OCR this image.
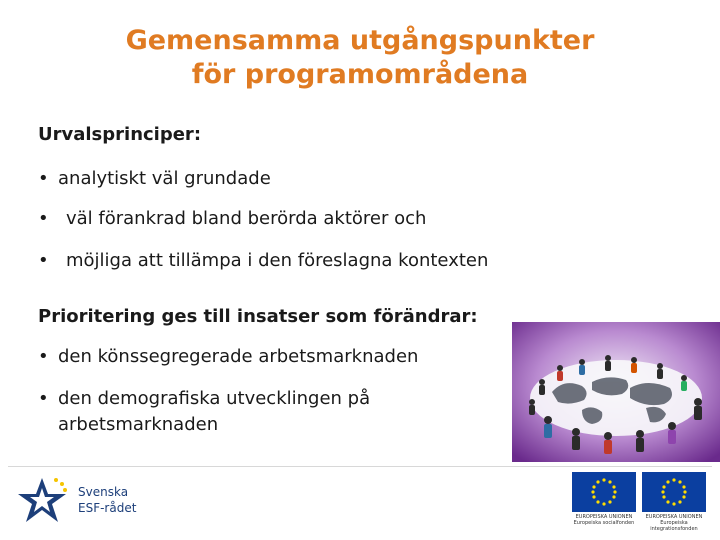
Gemensamma utgångspunkter
för programområdena
Urvalsprinciper:
• analytiskt väl grundade
• väl förankrad bland berörda aktörer och
• möjliga att tillämpa i den föreslagna kontexten
Prioritering ges till insatser som förändrar:
• den könssegregerade arbetsmarknaden
• den demografiska utvecklingen på
arbetsmarknaden
Svenska
ESF-rådet
EUROPEISKA UNIONEN Europeiska socialfonden
EUROPEISKA UNIONEN Europeiska integrationsfonden
